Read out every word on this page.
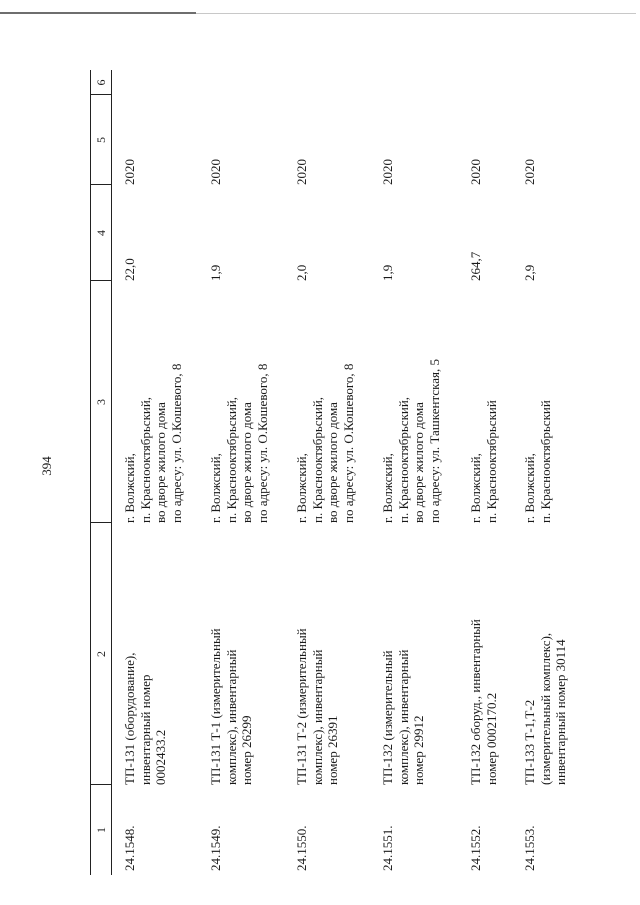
1
2
3
4
5
6
24.1548.
ТП-131 (оборудование), инвентарный номер 0002433.2
г. Волжский, п. Краснооктябрьский, во дворе жилого дома по адресу: ул. О.Кошевого, 8
22,0
2020
24.1549.
ТП-131 Т-1 (измерительный комплекс), инвентарный номер 26299
г. Волжский, п. Краснооктябрьский, во дворе жилого дома по адресу: ул. О.Кошевого, 8
1,9
2020
24.1550.
ТП-131 Т-2 (измерительный комплекс), инвентарный номер 26391
г. Волжский, п. Краснооктябрьский, во дворе жилого дома по адресу: ул. О.Кошевого, 8
2,0
2020
24.1551.
ТП-132 (измерительный комплекс), инвентарный номер 29912
г. Волжский, п. Краснооктябрьский, во дворе жилого дома по адресу: ул. Ташкентская, 5
1,9
2020
24.1552.
ТП-132 оборуд., инвентарный номер 0002170.2
г. Волжский, п. Краснооктябрьский
264,7
2020
24.1553.
ТП-133 Т-1,Т-2 (измерительный комплекс), инвентарный номер 30114
г. Волжский, п. Краснооктябрьский
2,9
2020
394
